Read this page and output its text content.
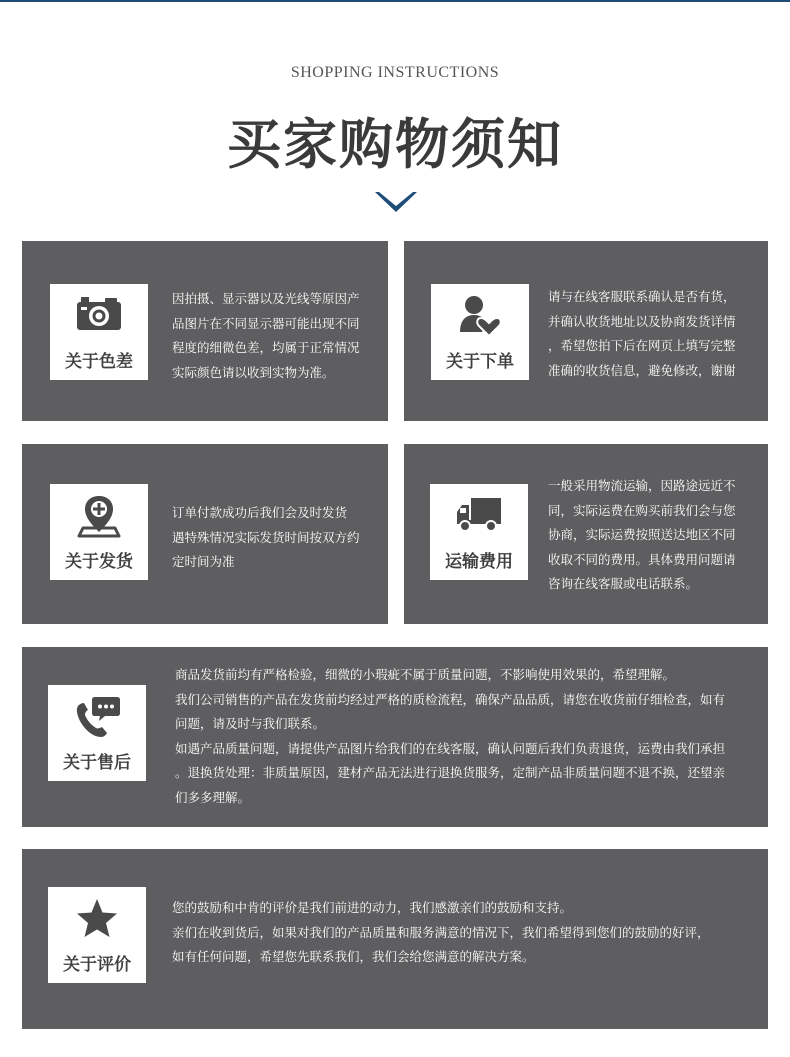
SHOPPING INSTRUCTIONS
买家购物须知
关于色差

因拍摄、显示器以及光线等原因产

品图片在不同显示器可能出现不同

程度的细微色差，均属于正常情况

实际颜色请以收到实物为准。	关于下单

请与在线客服联系确认是否有货，

并确认收货地址以及协商发货详情

，希望您拍下后在网页上填写完整

准确的收货信息，避免修改，谢谢

关于发货

订单付款成功后我们会及时发货

遇特殊情况实际发货时间按双方约

定时间为准	运输费用

一般采用物流运输，因路途远近不

同，实际运费在购买前我们会与您

协商，实际运费按照送达地区不同

收取不同的费用。具体费用问题请

咨询在线客服或电话联系。

关于售后

商品发货前均有严格检验，细微的小瑕疵不属于质量问题，不影响使用效果的，希望理解。

我们公司销售的产品在发货前均经过严格的质检流程，确保产品品质，请您在收货前仔细检查，如有

问题，请及时与我们联系。

如遇产品质量问题，请提供产品图片给我们的在线客服，确认问题后我们负责退货，运费由我们承担

。退换货处理：非质量原因，建材产品无法进行退换货服务，定制产品非质量问题不退不换，还望亲

们多多理解。

关于评价

您的鼓励和中肯的评价是我们前进的动力，我们感激亲们的鼓励和支持。

亲们在收到货后，如果对我们的产品质量和服务满意的情况下，我们希望得到您们的鼓励的好评，

如有任何问题，希望您先联系我们，我们会给您满意的解决方案。
